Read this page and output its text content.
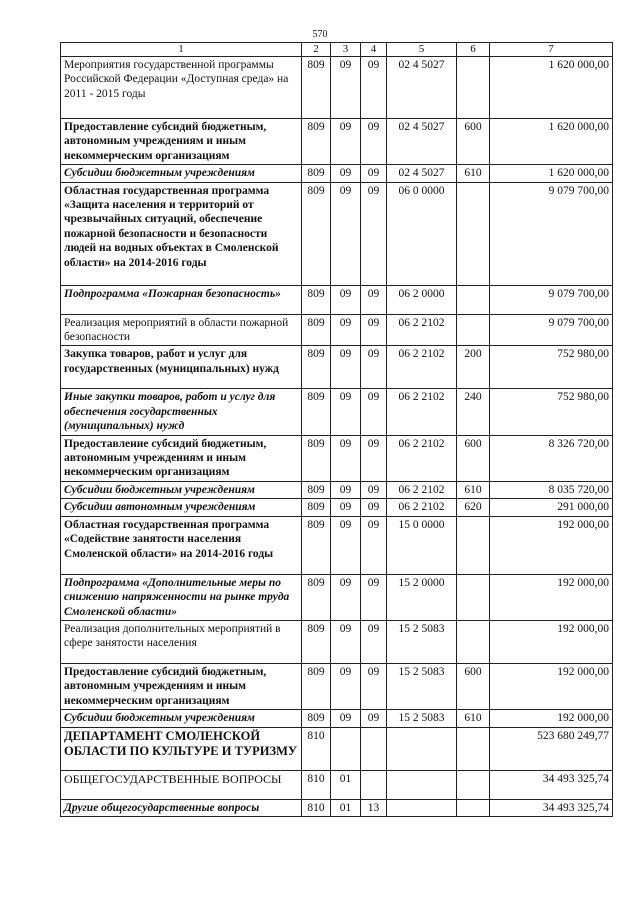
570
1	2	3	4	5	6	7
Мероприятия государственной программы Российской Федерации «Доступная среда» на 2011 - 2015 годы	809	09	09	02 4 5027		1 620 000,00
Предоставление субсидий бюджетным, автономным учреждениям и иным некоммерческим организациям	809	09	09	02 4 5027	600	1 620 000,00
Субсидии бюджетным учреждениям	809	09	09	02 4 5027	610	1 620 000,00
Областная государственная программа «Защита населения и территорий от чрезвычайных ситуаций, обеспечение пожарной безопасности и безопасности людей на водных объектах в Смоленской области» на 2014-2016 годы	809	09	09	06 0 0000		9 079 700,00
Подпрограмма «Пожарная безопасность»	809	09	09	06 2 0000		9 079 700,00
Реализация мероприятий в области пожарной безопасности	809	09	09	06 2 2102		9 079 700,00
Закупка товаров, работ и услуг для государственных (муниципальных) нужд	809	09	09	06 2 2102	200	752 980,00
Иные закупки товаров, работ и услуг для обеспечения государственных (муниципальных) нужд	809	09	09	06 2 2102	240	752 980,00
Предоставление субсидий бюджетным, автономным учреждениям и иным некоммерческим организациям	809	09	09	06 2 2102	600	8 326 720,00
Субсидии бюджетным учреждениям	809	09	09	06 2 2102	610	8 035 720,00
Субсидии автономным учреждениям	809	09	09	06 2 2102	620	291 000,00
Областная государственная программа «Содействие занятости населения Смоленской области» на 2014-2016 годы	809	09	09	15 0 0000		192 000,00
Подпрограмма «Дополнительные меры по снижению напряженности на рынке труда Смоленской области»	809	09	09	15 2 0000		192 000,00
Реализация дополнительных мероприятий в сфере занятости населения	809	09	09	15 2 5083		192 000,00
Предоставление субсидий бюджетным, автономным учреждениям и иным некоммерческим организациям	809	09	09	15 2 5083	600	192 000,00
Субсидии бюджетным учреждениям	809	09	09	15 2 5083	610	192 000,00
ДЕПАРТАМЕНТ СМОЛЕНСКОЙ ОБЛАСТИ ПО КУЛЬТУРЕ И ТУРИЗМУ	810					523 680 249,77
ОБЩЕГОСУДАРСТВЕННЫЕ ВОПРОСЫ	810	01				34 493 325,74
Другие общегосударственные вопросы	810	01	13			34 493 325,74
